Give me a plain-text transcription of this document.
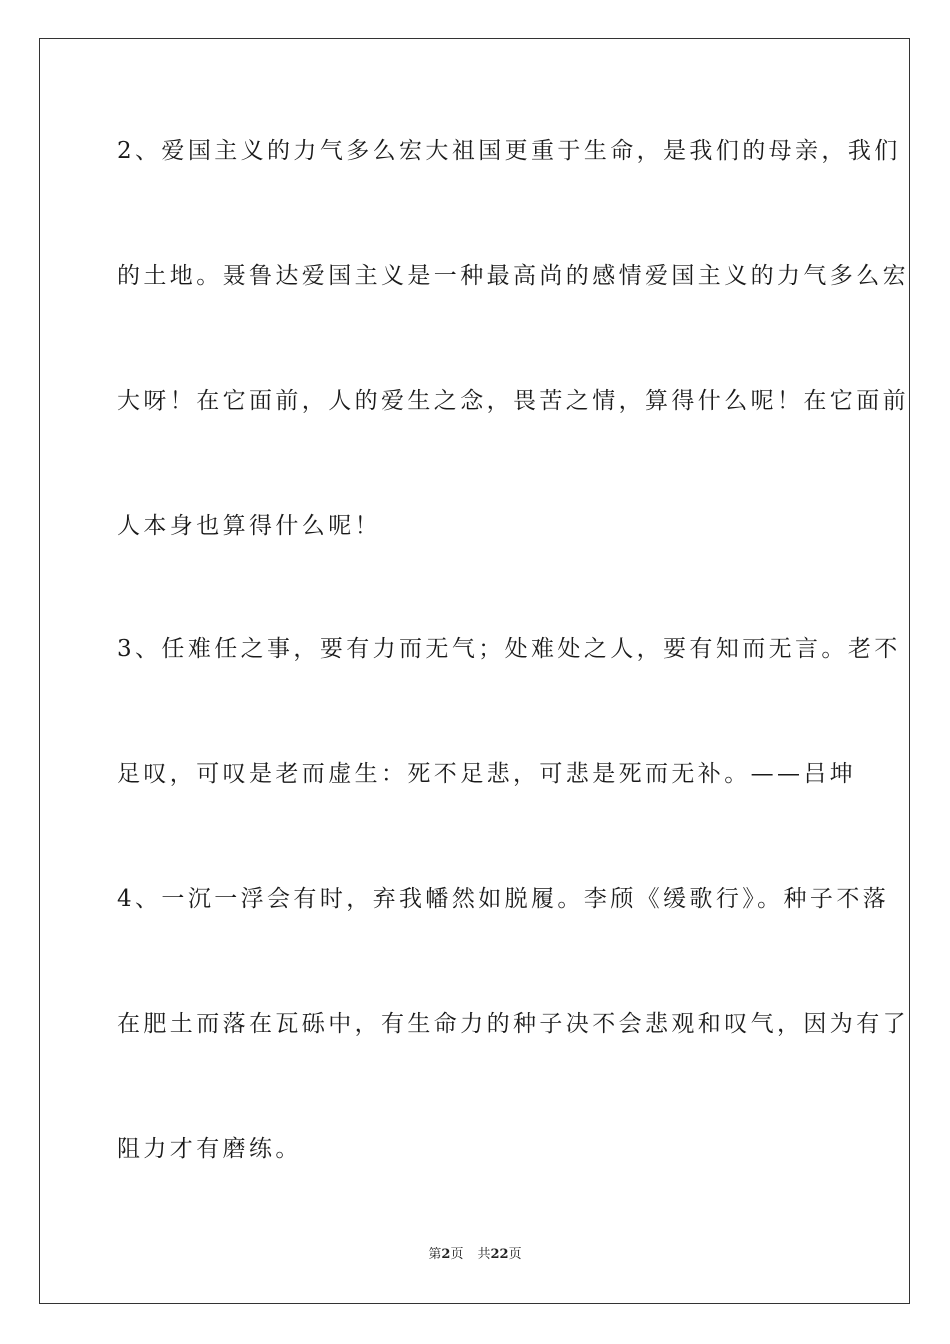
2、爱国主义的力气多么宏大祖国更重于生命，是我们的母亲，我们
的土地。聂鲁达爱国主义是一种最高尚的感情爱国主义的力气多么宏
大呀！在它面前，人的爱生之念，畏苦之情，算得什么呢！在它面前
人本身也算得什么呢！
3、任难任之事，要有力而无气；处难处之人，要有知而无言。老不
足叹，可叹是老而虚生：死不足悲，可悲是死而无补。——吕坤
4、一沉一浮会有时，弃我幡然如脱履。李颀《缓歌行》。种子不落
在肥土而落在瓦砾中，有生命力的种子决不会悲观和叹气，因为有了
阻力才有磨练。
第2页 共22页
